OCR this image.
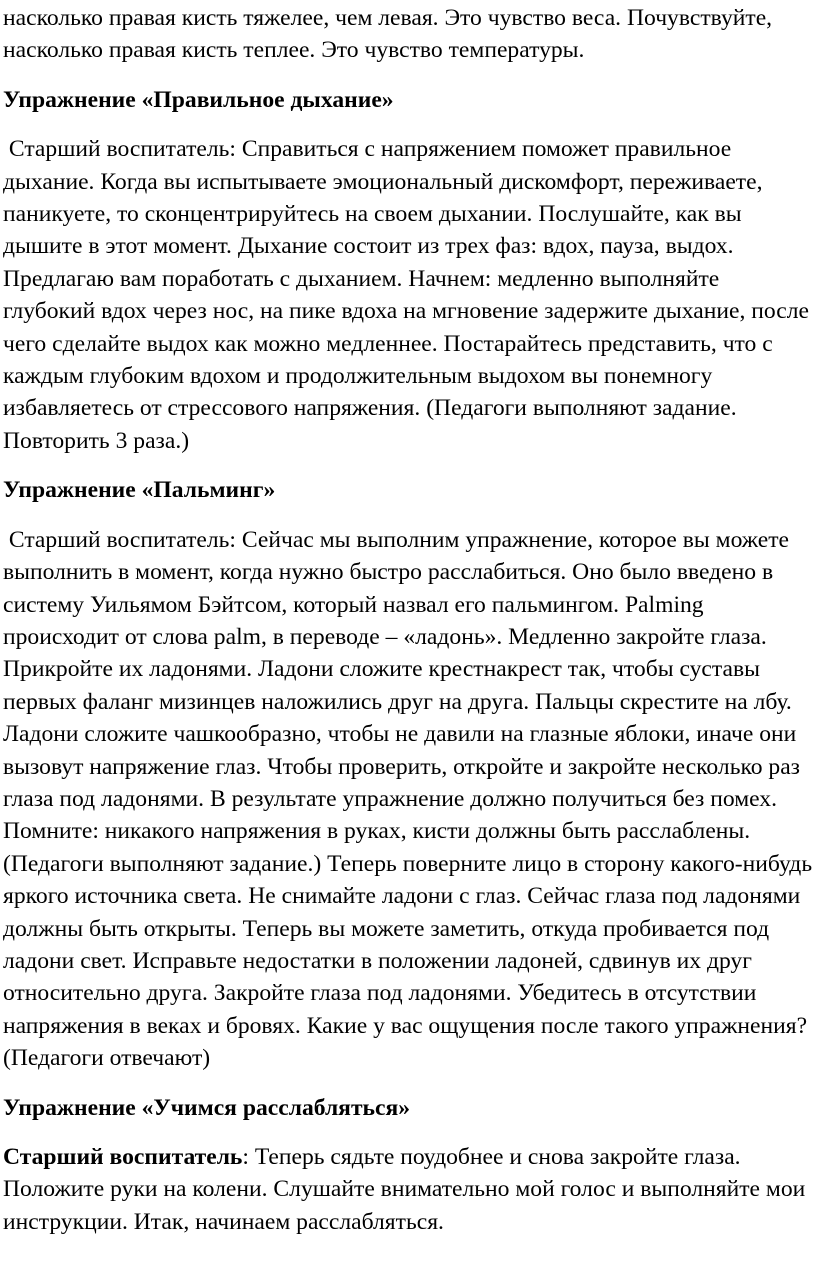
насколько правая кисть тяжелее, чем левая. Это чувство веса. Почувствуйте, насколько правая кисть теплее. Это чувство температуры.

Упражнение «Правильное дыхание»

Старший воспитатель: Справиться с напряжением поможет правильное дыхание. Когда вы испытываете эмоциональный дискомфорт, переживаете, паникуете, то сконцентрируйтесь на своем дыхании. Послушайте, как вы дышите в этот момент. Дыхание состоит из трех фаз: вдох, пауза, выдох. Предлагаю вам поработать с дыханием. Начнем: медленно выполняйте глубокий вдох через нос, на пике вдоха на мгновение задержите дыхание, после чего сделайте выдох как можно медленнее. Постарайтесь представить, что с каждым глубоким вдохом и продолжительным выдохом вы понемногу избавляетесь от стрессового напряжения. (Педагоги выполняют задание. Повторить 3 раза.)

Упражнение «Пальминг»

Старший воспитатель: Сейчас мы выполним упражнение, которое вы можете выполнить в момент, когда нужно быстро расслабиться. Оно было введено в систему Уильямом Бэйтсом, который назвал его пальмингом. Palming происходит от слова palm, в переводе – «ладонь». Медленно закройте глаза. Прикройте их ладонями. Ладони сложите крестнакрест так, чтобы суставы первых фаланг мизинцев наложились друг на друга. Пальцы скрестите на лбу. Ладони сложите чашкообразно, чтобы не давили на глазные яблоки, иначе они вызовут напряжение глаз. Чтобы проверить, откройте и закройте несколько раз глаза под ладонями. В результате упражнение должно получиться без помех. Помните: никакого напряжения в руках, кисти должны быть расслаблены. (Педагоги выполняют задание.) Теперь поверните лицо в сторону какого-нибудь яркого источника света. Не снимайте ладони с глаз. Сейчас глаза под ладонями должны быть открыты. Теперь вы можете заметить, откуда пробивается под ладони свет. Исправьте недостатки в положении ладоней, сдвинув их друг относительно друга. Закройте глаза под ладонями. Убедитесь в отсутствии напряжения в веках и бровях. Какие у вас ощущения после такого упражнения? (Педагоги отвечают)

Упражнение «Учимся расслабляться»

Старший воспитатель: Теперь сядьте поудобнее и снова закройте глаза. Положите руки на колени. Слушайте внимательно мой голос и выполняйте мои инструкции. Итак, начинаем расслабляться.
